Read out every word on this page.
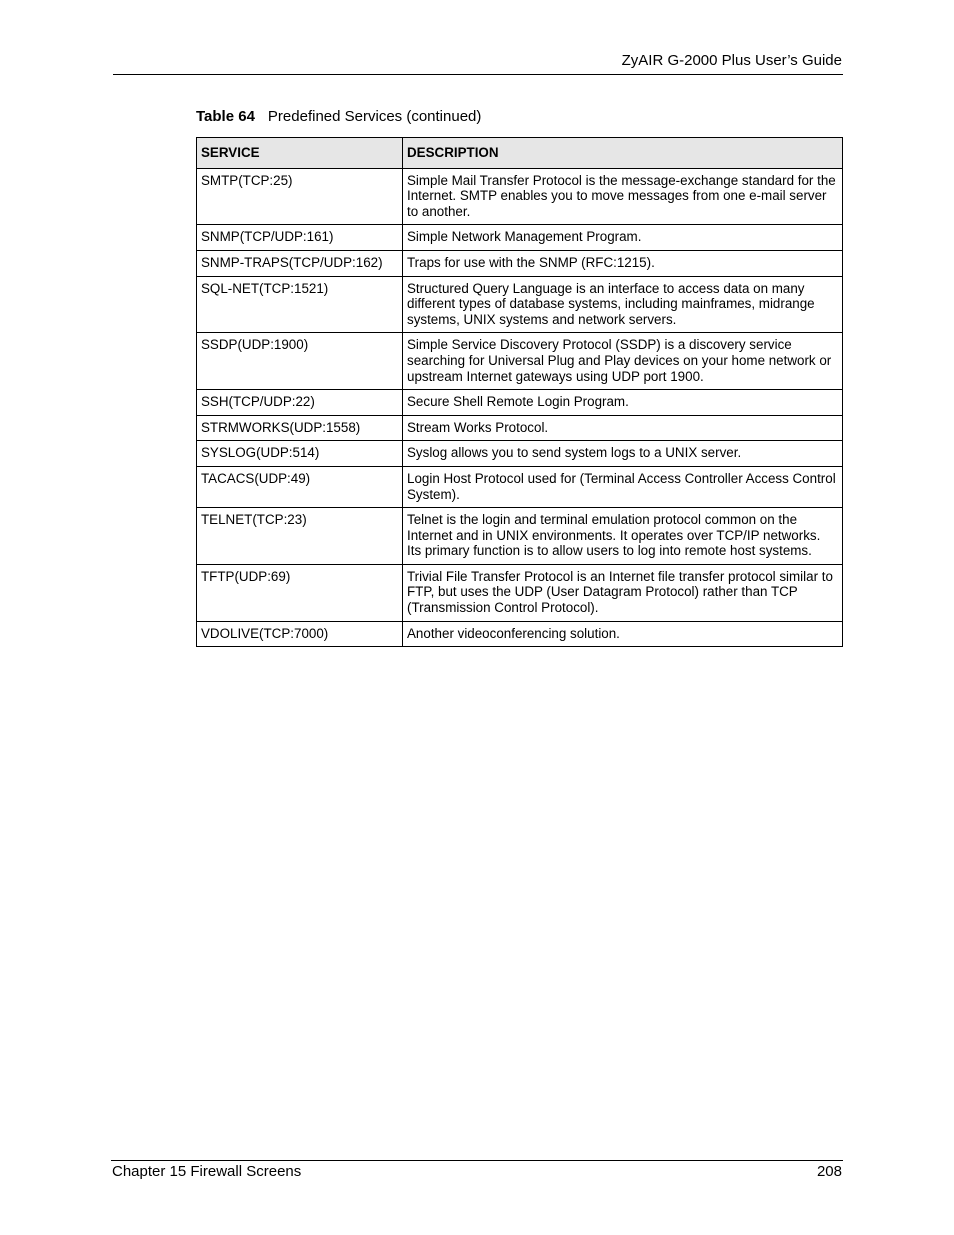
ZyAIR G-2000 Plus User’s Guide
Table 64 Predefined Services (continued)
SERVICE	DESCRIPTION
SMTP(TCP:25)	Simple Mail Transfer Protocol is the message-exchange standard for the Internet. SMTP enables you to move messages from one e-mail server to another.
SNMP(TCP/UDP:161)	Simple Network Management Program.
SNMP-TRAPS(TCP/UDP:162)	Traps for use with the SNMP (RFC:1215).
SQL-NET(TCP:1521)	Structured Query Language is an interface to access data on many different types of database systems, including mainframes, midrange systems, UNIX systems and network servers.
SSDP(UDP:1900)	Simple Service Discovery Protocol (SSDP) is a discovery service searching for Universal Plug and Play devices on your home network or upstream Internet gateways using UDP port 1900.
SSH(TCP/UDP:22)	Secure Shell Remote Login Program.
STRMWORKS(UDP:1558)	Stream Works Protocol.
SYSLOG(UDP:514)	Syslog allows you to send system logs to a UNIX server.
TACACS(UDP:49)	Login Host Protocol used for (Terminal Access Controller Access Control System).
TELNET(TCP:23)	Telnet is the login and terminal emulation protocol common on the Internet and in UNIX environments. It operates over TCP/IP networks. Its primary function is to allow users to log into remote host systems.
TFTP(UDP:69)	Trivial File Transfer Protocol is an Internet file transfer protocol similar to FTP, but uses the UDP (User Datagram Protocol) rather than TCP (Transmission Control Protocol).
VDOLIVE(TCP:7000)	Another videoconferencing solution.
Chapter 15 Firewall Screens	208
